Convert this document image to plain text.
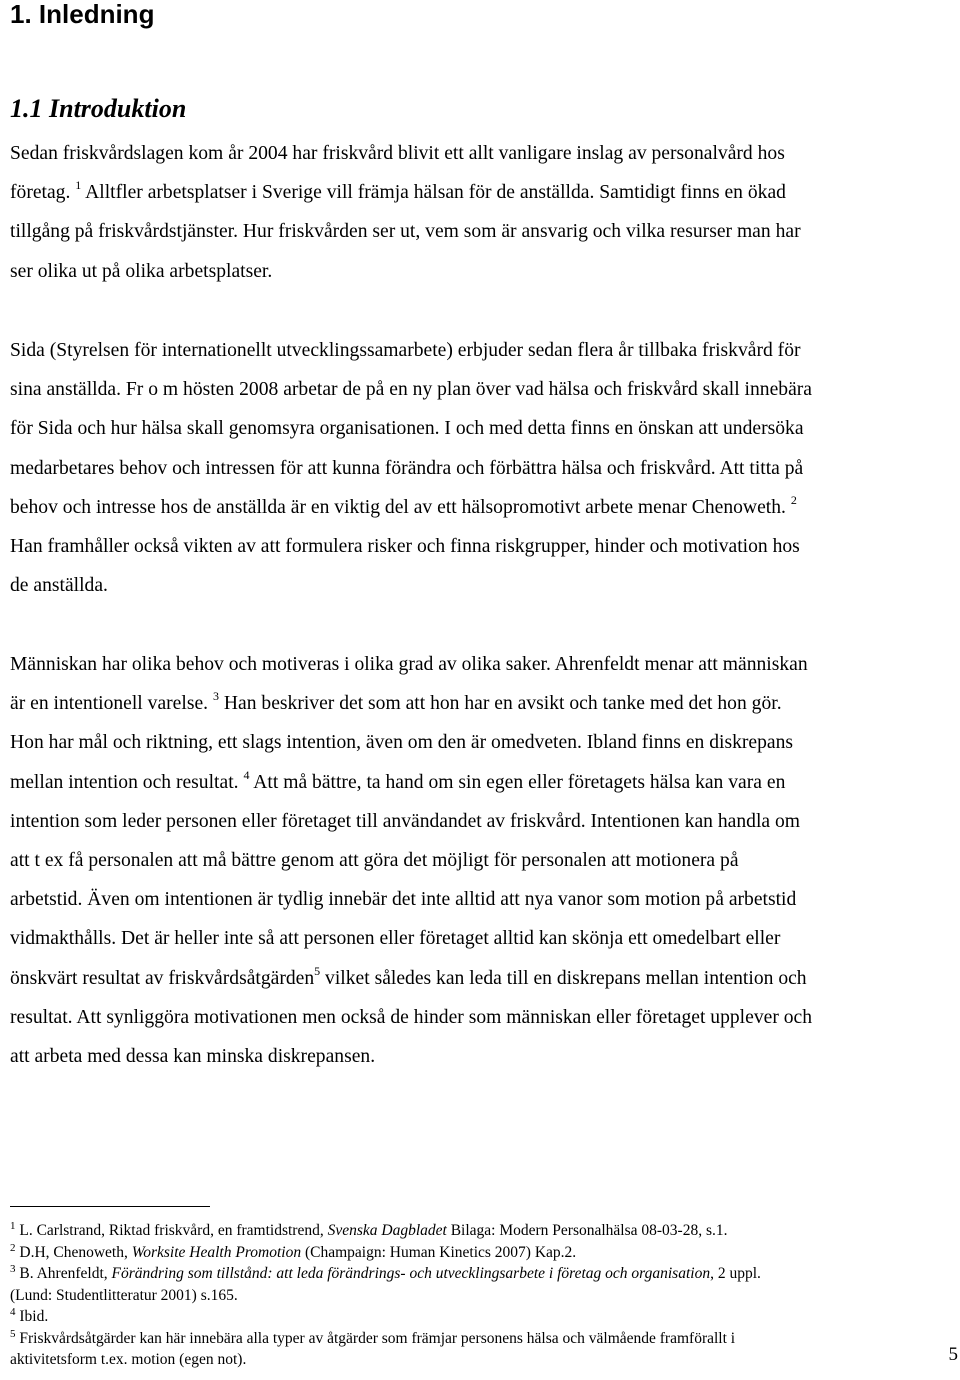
1. Inledning
1.1 Introduktion
Sedan friskvårdslagen kom år 2004 har friskvård blivit ett allt vanligare inslag av personalvård hos
företag. $^1$ Alltfler arbetsplatser i Sverige vill främja hälsan för de anställda. Samtidigt finns en ökad
tillgång på friskvårdstjänster. Hur friskvården ser ut, vem som är ansvarig och vilka resurser man har
ser olika ut på olika arbetsplatser.
Sida (Styrelsen för internationellt utvecklingssamarbete) erbjuder sedan flera år tillbaka friskvård för
sina anställda. Fr o m hösten 2008 arbetar de på en ny plan över vad hälsa och friskvård skall innebära
för Sida och hur hälsa skall genomsyra organisationen. I och med detta finns en önskan att undersöka
medarbetares behov och intressen för att kunna förändra och förbättra hälsa och friskvård. Att titta på
behov och intresse hos de anställda är en viktig del av ett hälsopromotivt arbete menar Chenoweth. $^2$
Han framhåller också vikten av att formulera risker och finna riskgrupper, hinder och motivation hos
de anställda.
Människan har olika behov och motiveras i olika grad av olika saker. Ahrenfeldt menar att människan
är en intentionell varelse. $^3$ Han beskriver det som att hon har en avsikt och tanke med det hon gör.
Hon har mål och riktning, ett slags intention, även om den är omedveten. Ibland finns en diskrepans
mellan intention och resultat. $^4$ Att må bättre, ta hand om sin egen eller företagets hälsa kan vara en
intention som leder personen eller företaget till användandet av friskvård. Intentionen kan handla om
att t ex få personalen att må bättre genom att göra det möjligt för personalen att motionera på
arbetstid. Även om intentionen är tydlig innebär det inte alltid att nya vanor som motion på arbetstid
vidmakthålls. Det är heller inte så att personen eller företaget alltid kan skönja ett omedelbart eller
önskvärt resultat av friskvårdsåtgärden$^5$ vilket således kan leda till en diskrepans mellan intention och
resultat. Att synliggöra motivationen men också de hinder som människan eller företaget upplever och
att arbeta med dessa kan minska diskrepansen.
$^1$ L. Carlstrand, Riktad friskvård, en framtidstrend, Svenska Dagbladet Bilaga: Modern Personalhälsa 08-03-28, s.1.
$^2$ D.H, Chenoweth, Worksite Health Promotion (Champaign: Human Kinetics 2007) Kap.2.
$^3$ B. Ahrenfeldt, Förändring som tillstånd: att leda förändrings- och utvecklingsarbete i företag och organisation, 2 uppl.
(Lund: Studentlitteratur 2001) s.165.
$^4$ Ibid.
$^5$ Friskvårdsåtgärder kan här innebära alla typer av åtgärder som främjar personens hälsa och välmående framförallt i
aktivitetsform t.ex. motion (egen not).	5
